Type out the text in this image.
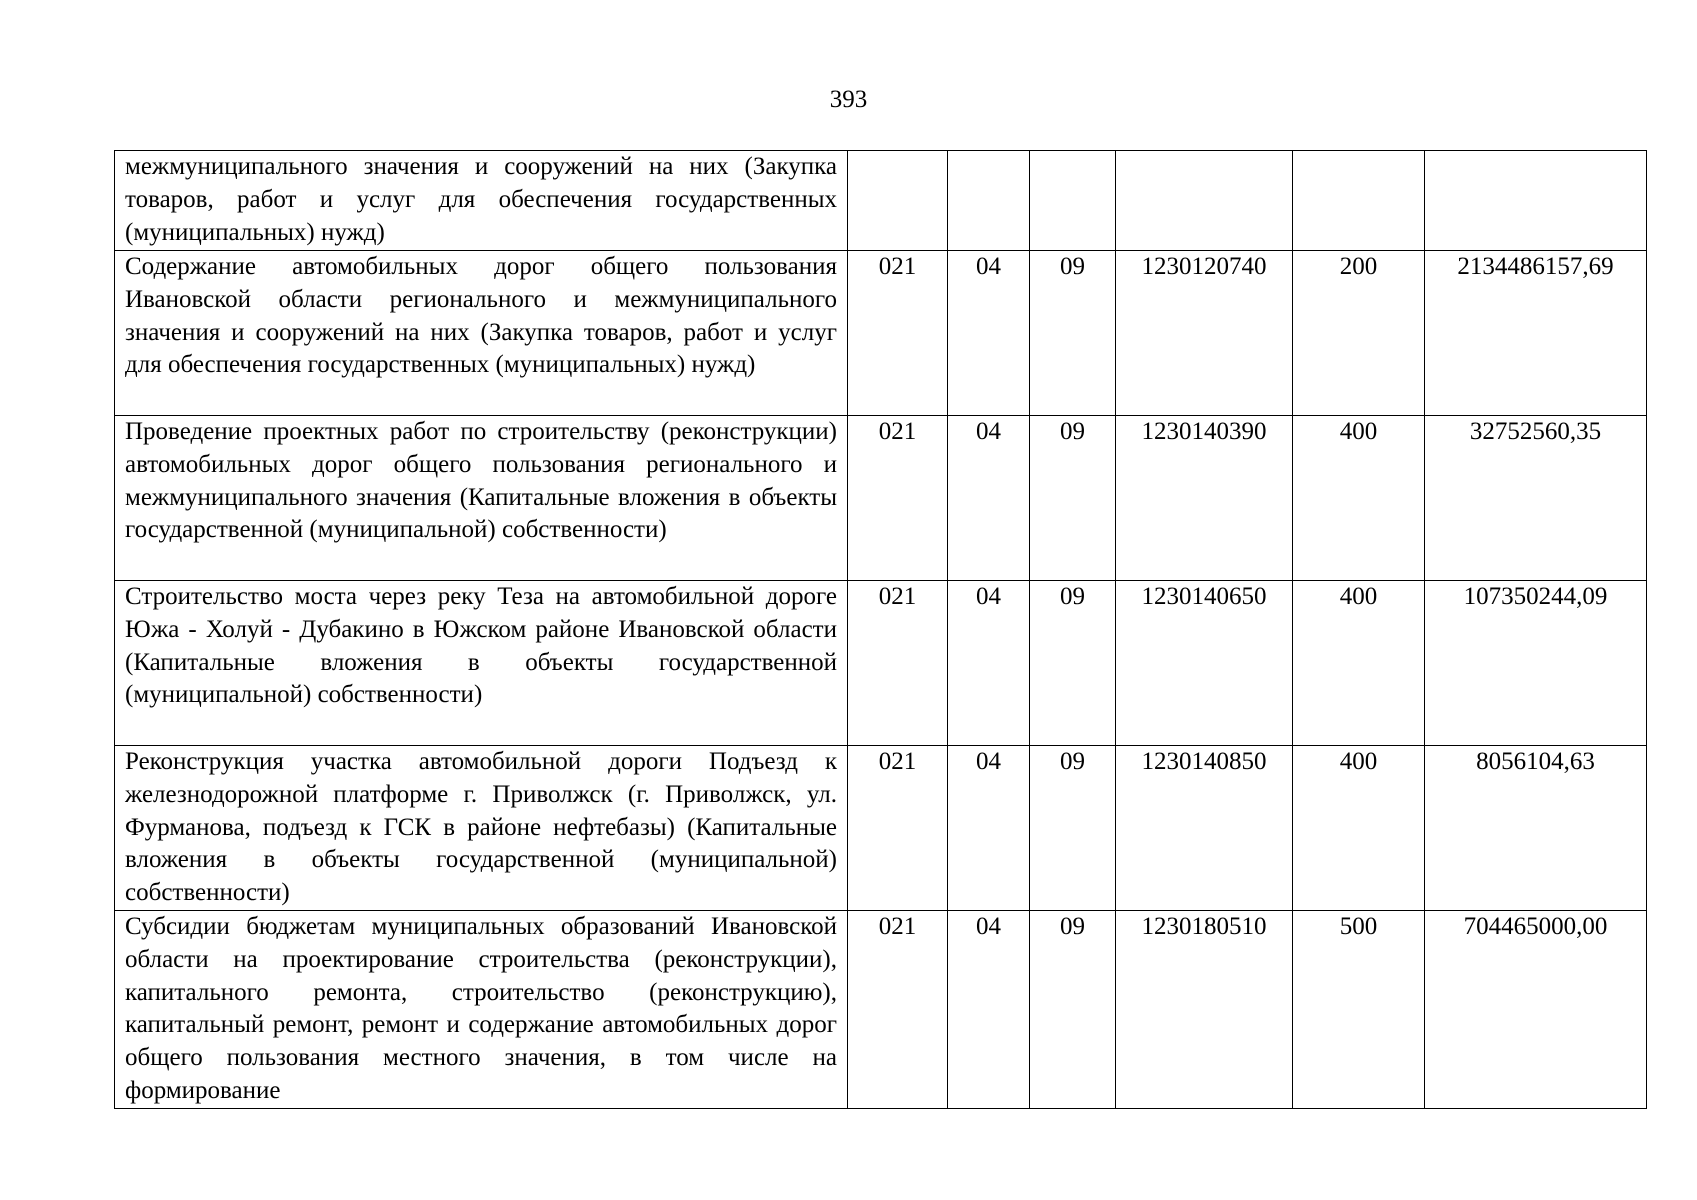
393
межмуниципального значения и сооружений на них (Закупка товаров, работ и услуг для обеспечения государственных (муниципальных) нужд)						
Содержание автомобильных дорог общего пользования Ивановской области регионального и межмуниципального значения и сооружений на них (Закупка товаров, работ и услуг для обеспечения государственных (муниципальных) нужд)	021	04	09	1230120740	200	2134486157,69
Проведение проектных работ по строительству (реконструкции) автомобильных дорог общего пользования регионального и межмуниципального значения (Капитальные вложения в объекты государственной (муниципальной) собственности)	021	04	09	1230140390	400	32752560,35
Строительство моста через реку Теза на автомобильной дороге Южа - Холуй - Дубакино в Южском районе Ивановской области (Капитальные вложения в объекты государственной (муниципальной) собственности)	021	04	09	1230140650	400	107350244,09
Реконструкция участка автомобильной дороги Подъезд к железнодорожной платформе г. Приволжск (г. Приволжск, ул. Фурманова, подъезд к ГСК в районе нефтебазы) (Капитальные вложения в объекты государственной (муниципальной) собственности)	021	04	09	1230140850	400	8056104,63
Субсидии бюджетам муниципальных образований Ивановской области на проектирование строительства (реконструкции), капитального ремонта, строительство (реконструкцию), капитальный ремонт, ремонт и содержание автомобильных дорог общего пользования местного значения, в том числе на формирование	021	04	09	1230180510	500	704465000,00
